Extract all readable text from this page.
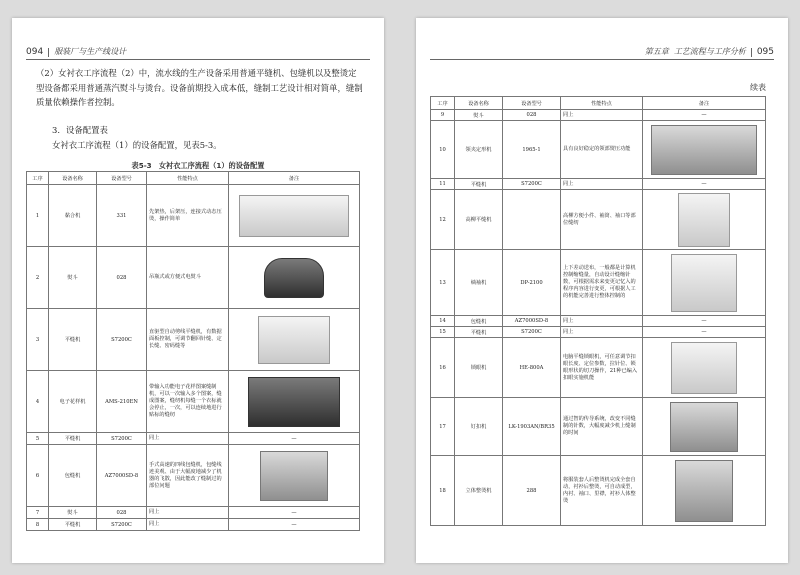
094 服装厂与生产线设计
（2）女衬衣工序流程（2）中，流水线的生产设备采用普通平缝机、包缝机以及整烫定型设备都采用普通蒸汽熨斗与烫台。设备前期投入成本低，缝制工艺设计相对简单，缝制质量依赖操作者控制。
3. 设备配置表
女衬衣工序流程（1）的设备配置，见表5-3。
表5-3　女衬衣工序流程（1）的设备配置
工序	设备名称	设备型号	性能特点	备注
1	黏合机	331	先架热，后架压，连接式动态压烫，操作简单	

2	熨斗	028	吊瓶式或方便式电熨斗	

3	平缝机	S7200C	直驱型自动剪线平缝机，有数据面板控制，可调节翻回针缝、定长缝、密码缝等	

4	电子花样机	AMS-210EN	带输入功能电子花样图案缝制机，可以一次输入多个图案，缝成图案，缝纫机每缝一个衣标就会停止，一次，可以连续地进行贴标的缝纫	

5	平缝机	S7200C	同上	—
6	包缝机	AZ7000SD-8	手式高速的四线包缝机，包缝线迹美观、由于大幅度地减少了机器的飞散，因此能改了缝制过的部位问题	

7	熨斗	028	同上	—
8	平缝机	S7200C	同上	—
第五章 工艺流程与工序分析 095
续表
工序	设备名称	设备型号	性能特点	备注
9	熨斗	028	同上	—
10	领夹定形机	1965-1	具有良好稳定的领部熨压功能	

11	平缝机	S7200C	同上	—
12	高柳平缝机		高柳方便小件、袖筒、袖口等部位缝纫	

13	绱袖机	DP-2100	上下差动送布，一般都是计算机控制缩缝量，自动设计缝缩针数，可根据需求来变更记忆入的程序内容进行变更，可根据人工的机能完善进行整体控制的	

14	包缝机	AZ7000SD-8	同上	—
15	平缝机	S7200C	同上	—
16	锁眼机	HE-800A	电脑平缝锁眼机，可任意调节扣眼长度、定位参数，拉针位、锁眼形状的切刀操作，21种已编入扣眼实施机能	

17	钉扣机	LK-1903AN/BR35	通过智的传导系统，改变不同缝制的针数，大幅度减少机上缝制的时间	

18	立体整烫机	288	将服装套人后整烫机完成全套自动，衬衫后整烫，可自动成型，内衬、袖口、里襟，衬衫人体整烫	
